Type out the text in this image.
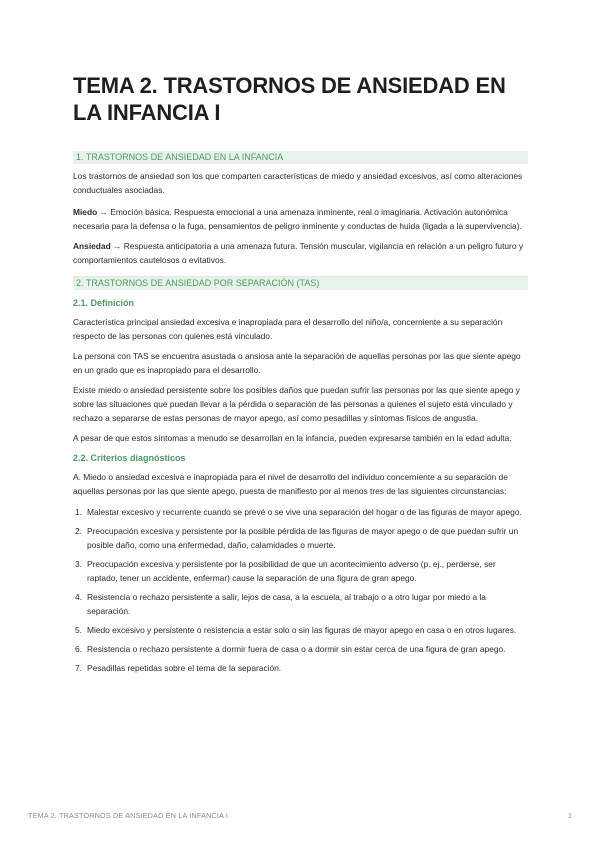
TEMA 2. TRASTORNOS DE ANSIEDAD EN LA INFANCIA I
1. TRASTORNOS DE ANSIEDAD EN LA INFANCIA

Los trastornos de ansiedad son los que comparten características de miedo y ansiedad excesivos, así como alteraciones conductuales asociadas.

Miedo → Emoción básica. Respuesta emocional a una amenaza inminente, real o imaginaria. Activación autonómica necesaria para la defensa o la fuga, pensamientos de peligro inminente y conductas de huida (ligada a la supervivencia).

Ansiedad → Respuesta anticipatoria a una amenaza futura. Tensión muscular, vigilancia en relación a un peligro futuro y comportamientos cautelosos o evitativos.

2. TRASTORNOS DE ANSIEDAD POR SEPARACIÓN (TAS)
2.1. Definición

Característica principal ansiedad excesiva e inapropiada para el desarrollo del niño/a, concerniente a su separación respecto de las personas con quienes está vinculado.

La persona con TAS se encuentra asustada o ansiosa ante la separación de aquellas personas por las que siente apego en un grado que es inapropiado para el desarrollo.

Existe miedo o ansiedad persistente sobre los posibles daños que puedan sufrir las personas por las que siente apego y sobre las situaciones que puedan llevar a la pérdida o separación de las personas a quienes el sujeto está vinculado y rechazo a separarse de estas personas de mayor apego, así como pesadillas y síntomas físicos de angustia.

A pesar de que estos síntomas a menudo se desarrollan en la infancia, pueden expresarse también en la edad adulta.

2.2. Criterios diagnósticos

A. Miedo o ansiedad excesiva e inapropiada para el nivel de desarrollo del individuo concerniente a su separación de aquellas personas por las que siente apego, puesta de manifiesto por al menos tres de las siguientes circunstancias:

1. Malestar excesivo y recurrente cuando se prevé o se vive una separación del hogar o de las figuras de mayor apego.
2. Preocupación excesiva y persistente por la posible pérdida de las figuras de mayor apego o de que puedan sufrir un posible daño, como una enfermedad, daño, calamidades o muerte.
3. Preocupación excesiva y persistente por la posibilidad de que un acontecimiento adverso (p. ej., perderse, ser raptado, tener un accidente, enfermar) cause la separación de una figura de gran apego.
4. Resistencia o rechazo persistente a salir, lejos de casa, a la escuela, al trabajo o a otro lugar por miedo a la separación.
5. Miedo excesivo y persistente o resistencia a estar solo o sin las figuras de mayor apego en casa o en otros lugares.
6. Resistencia o rechazo persistente a dormir fuera de casa o a dormir sin estar cerca de una figura de gran apego.
7. Pesadillas repetidas sobre el tema de la separación.
TEMA 2. TRASTORNOS DE ANSIEDAD EN LA INFANCIA I	1
